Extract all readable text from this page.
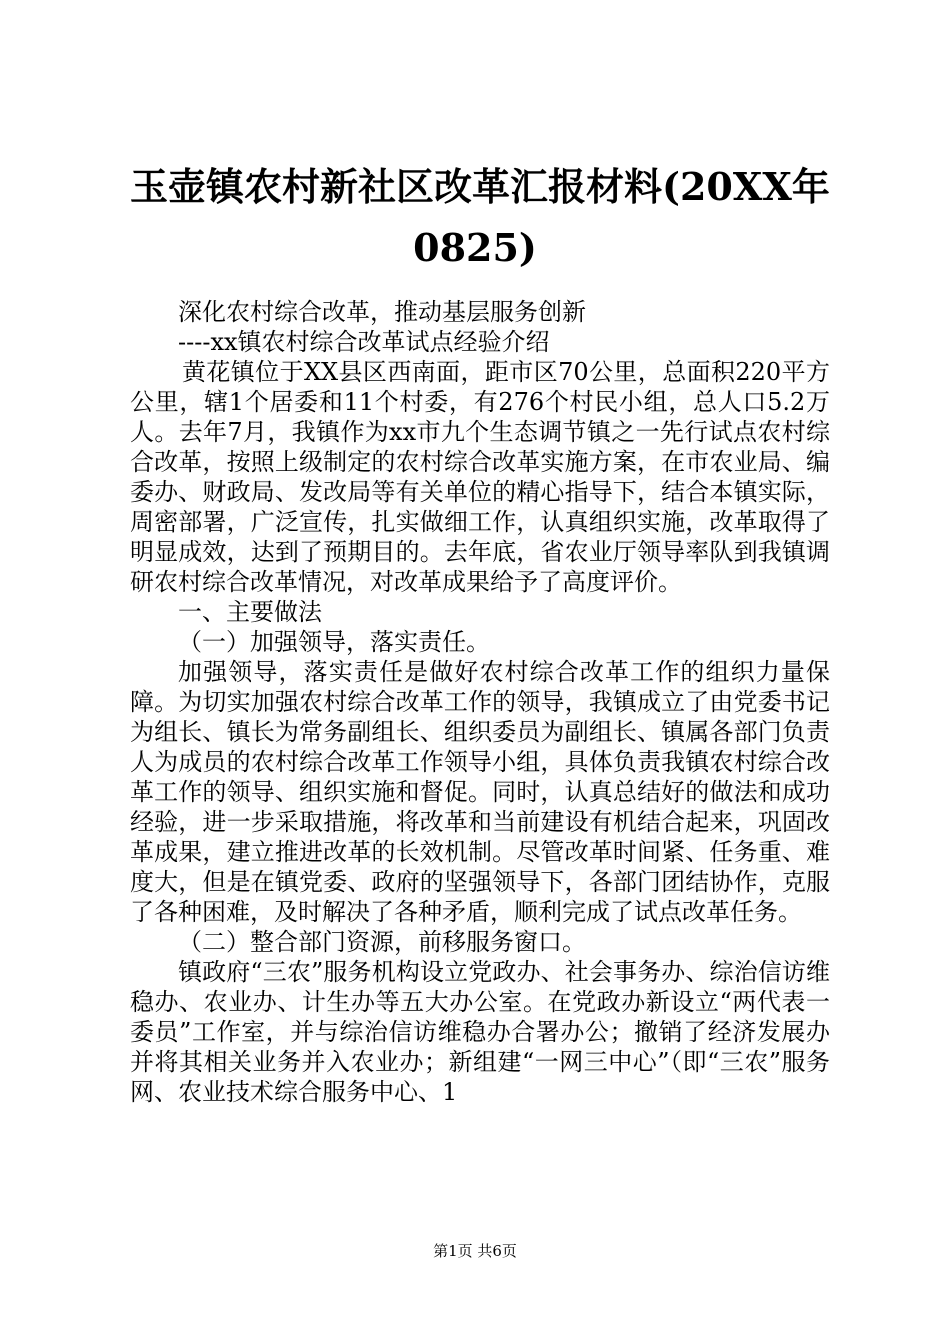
玉壶镇农村新社区改革汇报材料(20XX年
0825)

深化农村综合改革，推动基层服务创新

----xx镇农村综合改革试点经验介绍

黄花镇位于XX县区西南面，距市区70公里，总面积220平方公里，辖1个居委和11个村委，有276个村民小组，总人口5.2万人。去年7月，我镇作为xx市九个生态调节镇之一先行试点农村综合改革，按照上级制定的农村综合改革实施方案，在市农业局、编委办、财政局、发改局等有关单位的精心指导下，结合本镇实际，周密部署，广泛宣传，扎实做细工作，认真组织实施，改革取得了明显成效，达到了预期目的。去年底，省农业厅领导率队到我镇调研农村综合改革情况，对改革成果给予了高度评价。

一、主要做法

（一）加强领导，落实责任。

加强领导，落实责任是做好农村综合改革工作的组织力量保障。为切实加强农村综合改革工作的领导，我镇成立了由党委书记为组长、镇长为常务副组长、组织委员为副组长、镇属各部门负责人为成员的农村综合改革工作领导小组，具体负责我镇农村综合改革工作的领导、组织实施和督促。同时，认真总结好的做法和成功经验，进一步采取措施，将改革和当前建设有机结合起来，巩固改革成果，建立推进改革的长效机制。尽管改革时间紧、任务重、难度大，但是在镇党委、政府的坚强领导下，各部门团结协作，克服了各种困难，及时解决了各种矛盾，顺利完成了试点改革任务。

（二）整合部门资源，前移服务窗口。

镇政府“三农”服务机构设立党政办、社会事务办、综治信访维稳办、农业办、计生办等五大办公室。在党政办新设立“两代表一委员”工作室，并与综治信访维稳办合署办公；撤销了经济发展办并将其相关业务并入农业办；新组建“一网三中心”（即“三农”服务网、农业技术综合服务中心、1

第1页 共6页
